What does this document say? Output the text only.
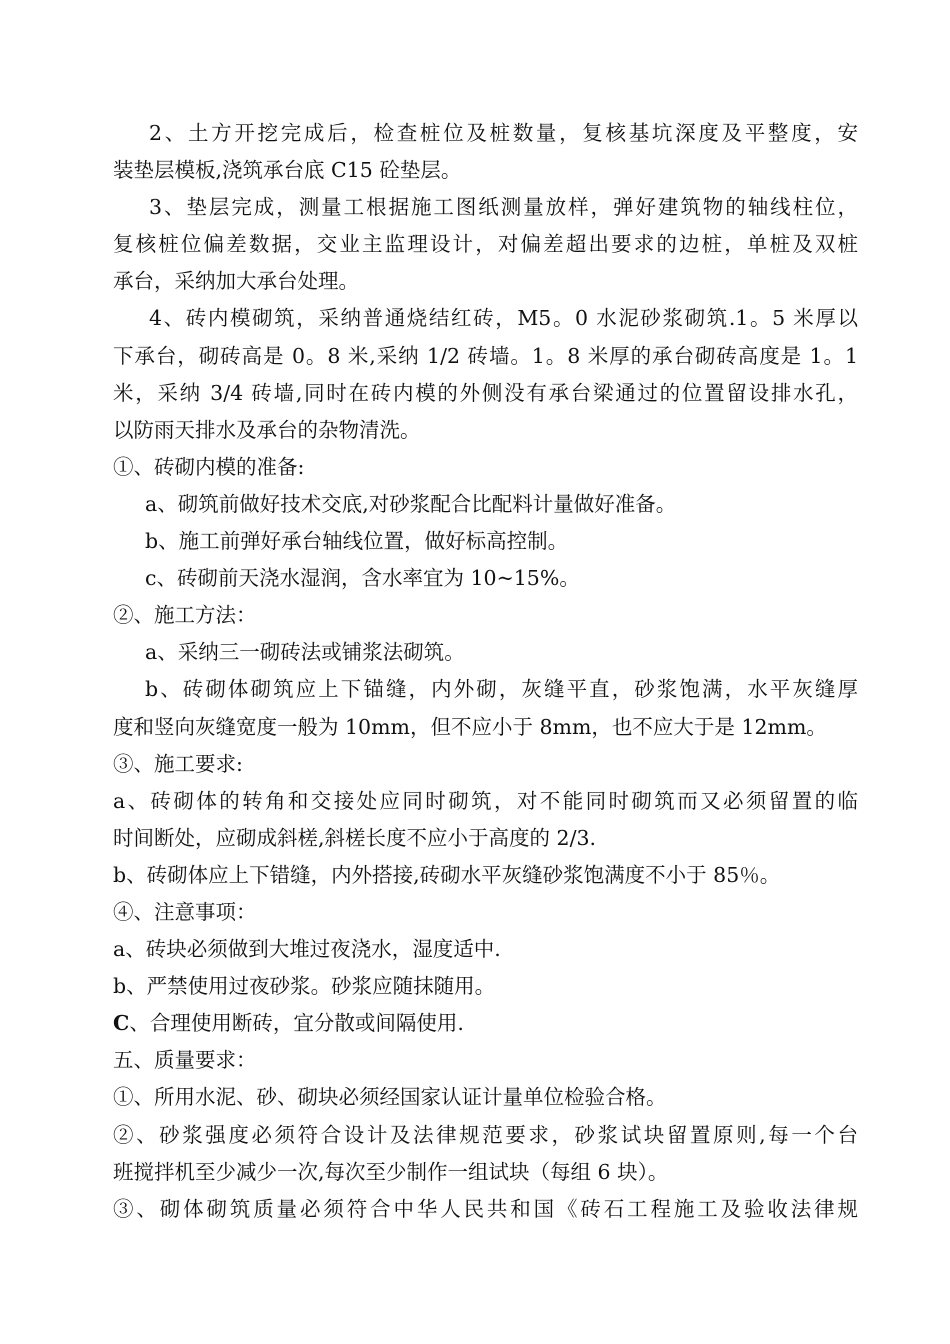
2、土方开挖完成后，检查桩位及桩数量，复核基坑深度及平整度，安
装垫层模板,浇筑承台底 C15 砼垫层。
3、垫层完成，测量工根据施工图纸测量放样，弹好建筑物的轴线柱位，
复核桩位偏差数据，交业主监理设计，对偏差超出要求的边桩，单桩及双桩
承台，采纳加大承台处理。
4、砖内模砌筑，采纳普通烧结红砖，M5。0 水泥砂浆砌筑.1。5 米厚以
下承台，砌砖高是 0。8 米,采纳 1/2 砖墙。1。8 米厚的承台砌砖高度是 1。1
米，采纳 3/4 砖墙,同时在砖内模的外侧没有承台梁通过的位置留设排水孔，
以防雨天排水及承台的杂物清洗。
①、砖砌内模的准备:
a、砌筑前做好技术交底,对砂浆配合比配料计量做好准备。
b、施工前弹好承台轴线位置，做好标高控制。
c、砖砌前天浇水湿润，含水率宜为 10~15%。
②、施工方法：
a、采纳三一砌砖法或铺浆法砌筑。
b、砖砌体砌筑应上下锚缝，内外砌，灰缝平直，砂浆饱满，水平灰缝厚
度和竖向灰缝宽度一般为 10mm，但不应小于 8mm，也不应大于是 12mm。
③、施工要求:
a、砖砌体的转角和交接处应同时砌筑，对不能同时砌筑而又必须留置的临
时间断处，应砌成斜槎,斜槎长度不应小于高度的 2/3.
b、砖砌体应上下错缝，内外搭接,砖砌水平灰缝砂浆饱满度不小于 85％。
④、注意事项：
a、砖块必须做到大堆过夜浇水，湿度适中.
b、严禁使用过夜砂浆。砂浆应随抹随用。
C、合理使用断砖，宜分散或间隔使用.
五、质量要求：
①、所用水泥、砂、砌块必须经国家认证计量单位检验合格。
②、砂浆强度必须符合设计及法律规范要求，砂浆试块留置原则,每一个台
班搅拌机至少减少一次,每次至少制作一组试块（每组 6 块）。
③、砌体砌筑质量必须符合中华人民共和国《砖石工程施工及验收法律规
